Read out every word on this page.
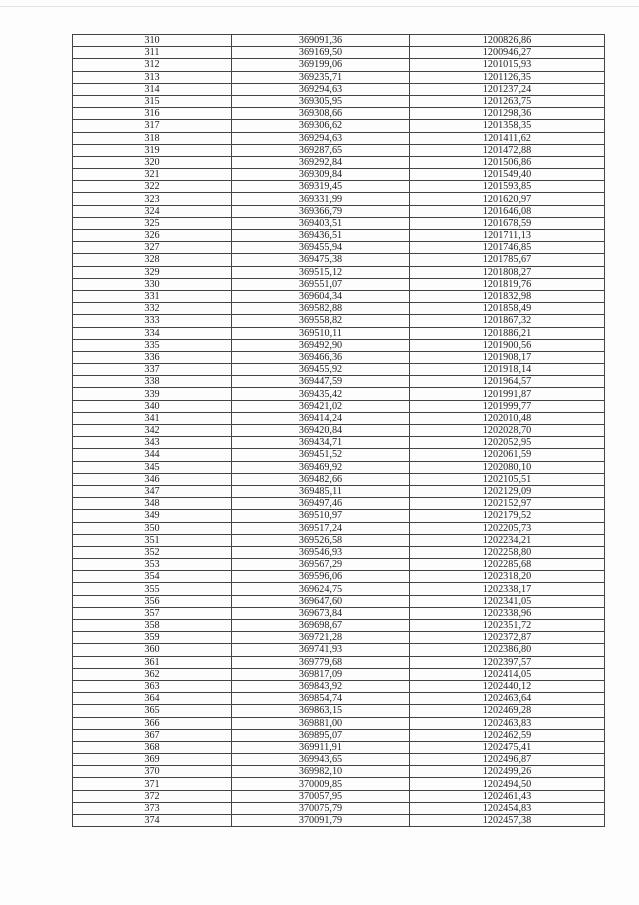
310	369091,36	1200826,86
311	369169,50	1200946,27
312	369199,06	1201015,93
313	369235,71	1201126,35
314	369294,63	1201237,24
315	369305,95	1201263,75
316	369308,66	1201298,36
317	369306,62	1201358,35
318	369294,63	1201411,62
319	369287,65	1201472,88
320	369292,84	1201506,86
321	369309,84	1201549,40
322	369319,45	1201593,85
323	369331,99	1201620,97
324	369366,79	1201646,08
325	369403,51	1201678,59
326	369436,51	1201711,13
327	369455,94	1201746,85
328	369475,38	1201785,67
329	369515,12	1201808,27
330	369551,07	1201819,76
331	369604,34	1201832,98
332	369582,88	1201858,49
333	369558,82	1201867,32
334	369510,11	1201886,21
335	369492,90	1201900,56
336	369466,36	1201908,17
337	369455,92	1201918,14
338	369447,59	1201964,57
339	369435,42	1201991,87
340	369421,02	1201999,77
341	369414,24	1202010,48
342	369420,84	1202028,70
343	369434,71	1202052,95
344	369451,52	1202061,59
345	369469,92	1202080,10
346	369482,66	1202105,51
347	369485,11	1202129,09
348	369497,46	1202152,97
349	369510,97	1202179,52
350	369517,24	1202205,73
351	369526,58	1202234,21
352	369546,93	1202258,80
353	369567,29	1202285,68
354	369596,06	1202318,20
355	369624,75	1202338,17
356	369647,60	1202341,05
357	369673,84	1202338,96
358	369698,67	1202351,72
359	369721,28	1202372,87
360	369741,93	1202386,80
361	369779,68	1202397,57
362	369817,09	1202414,05
363	369843,92	1202440,12
364	369854,74	1202463,64
365	369863,15	1202469,28
366	369881,00	1202463,83
367	369895,07	1202462,59
368	369911,91	1202475,41
369	369943,65	1202496,87
370	369982,10	1202499,26
371	370009,85	1202494,50
372	370057,95	1202461,43
373	370075,79	1202454,83
374	370091,79	1202457,38
